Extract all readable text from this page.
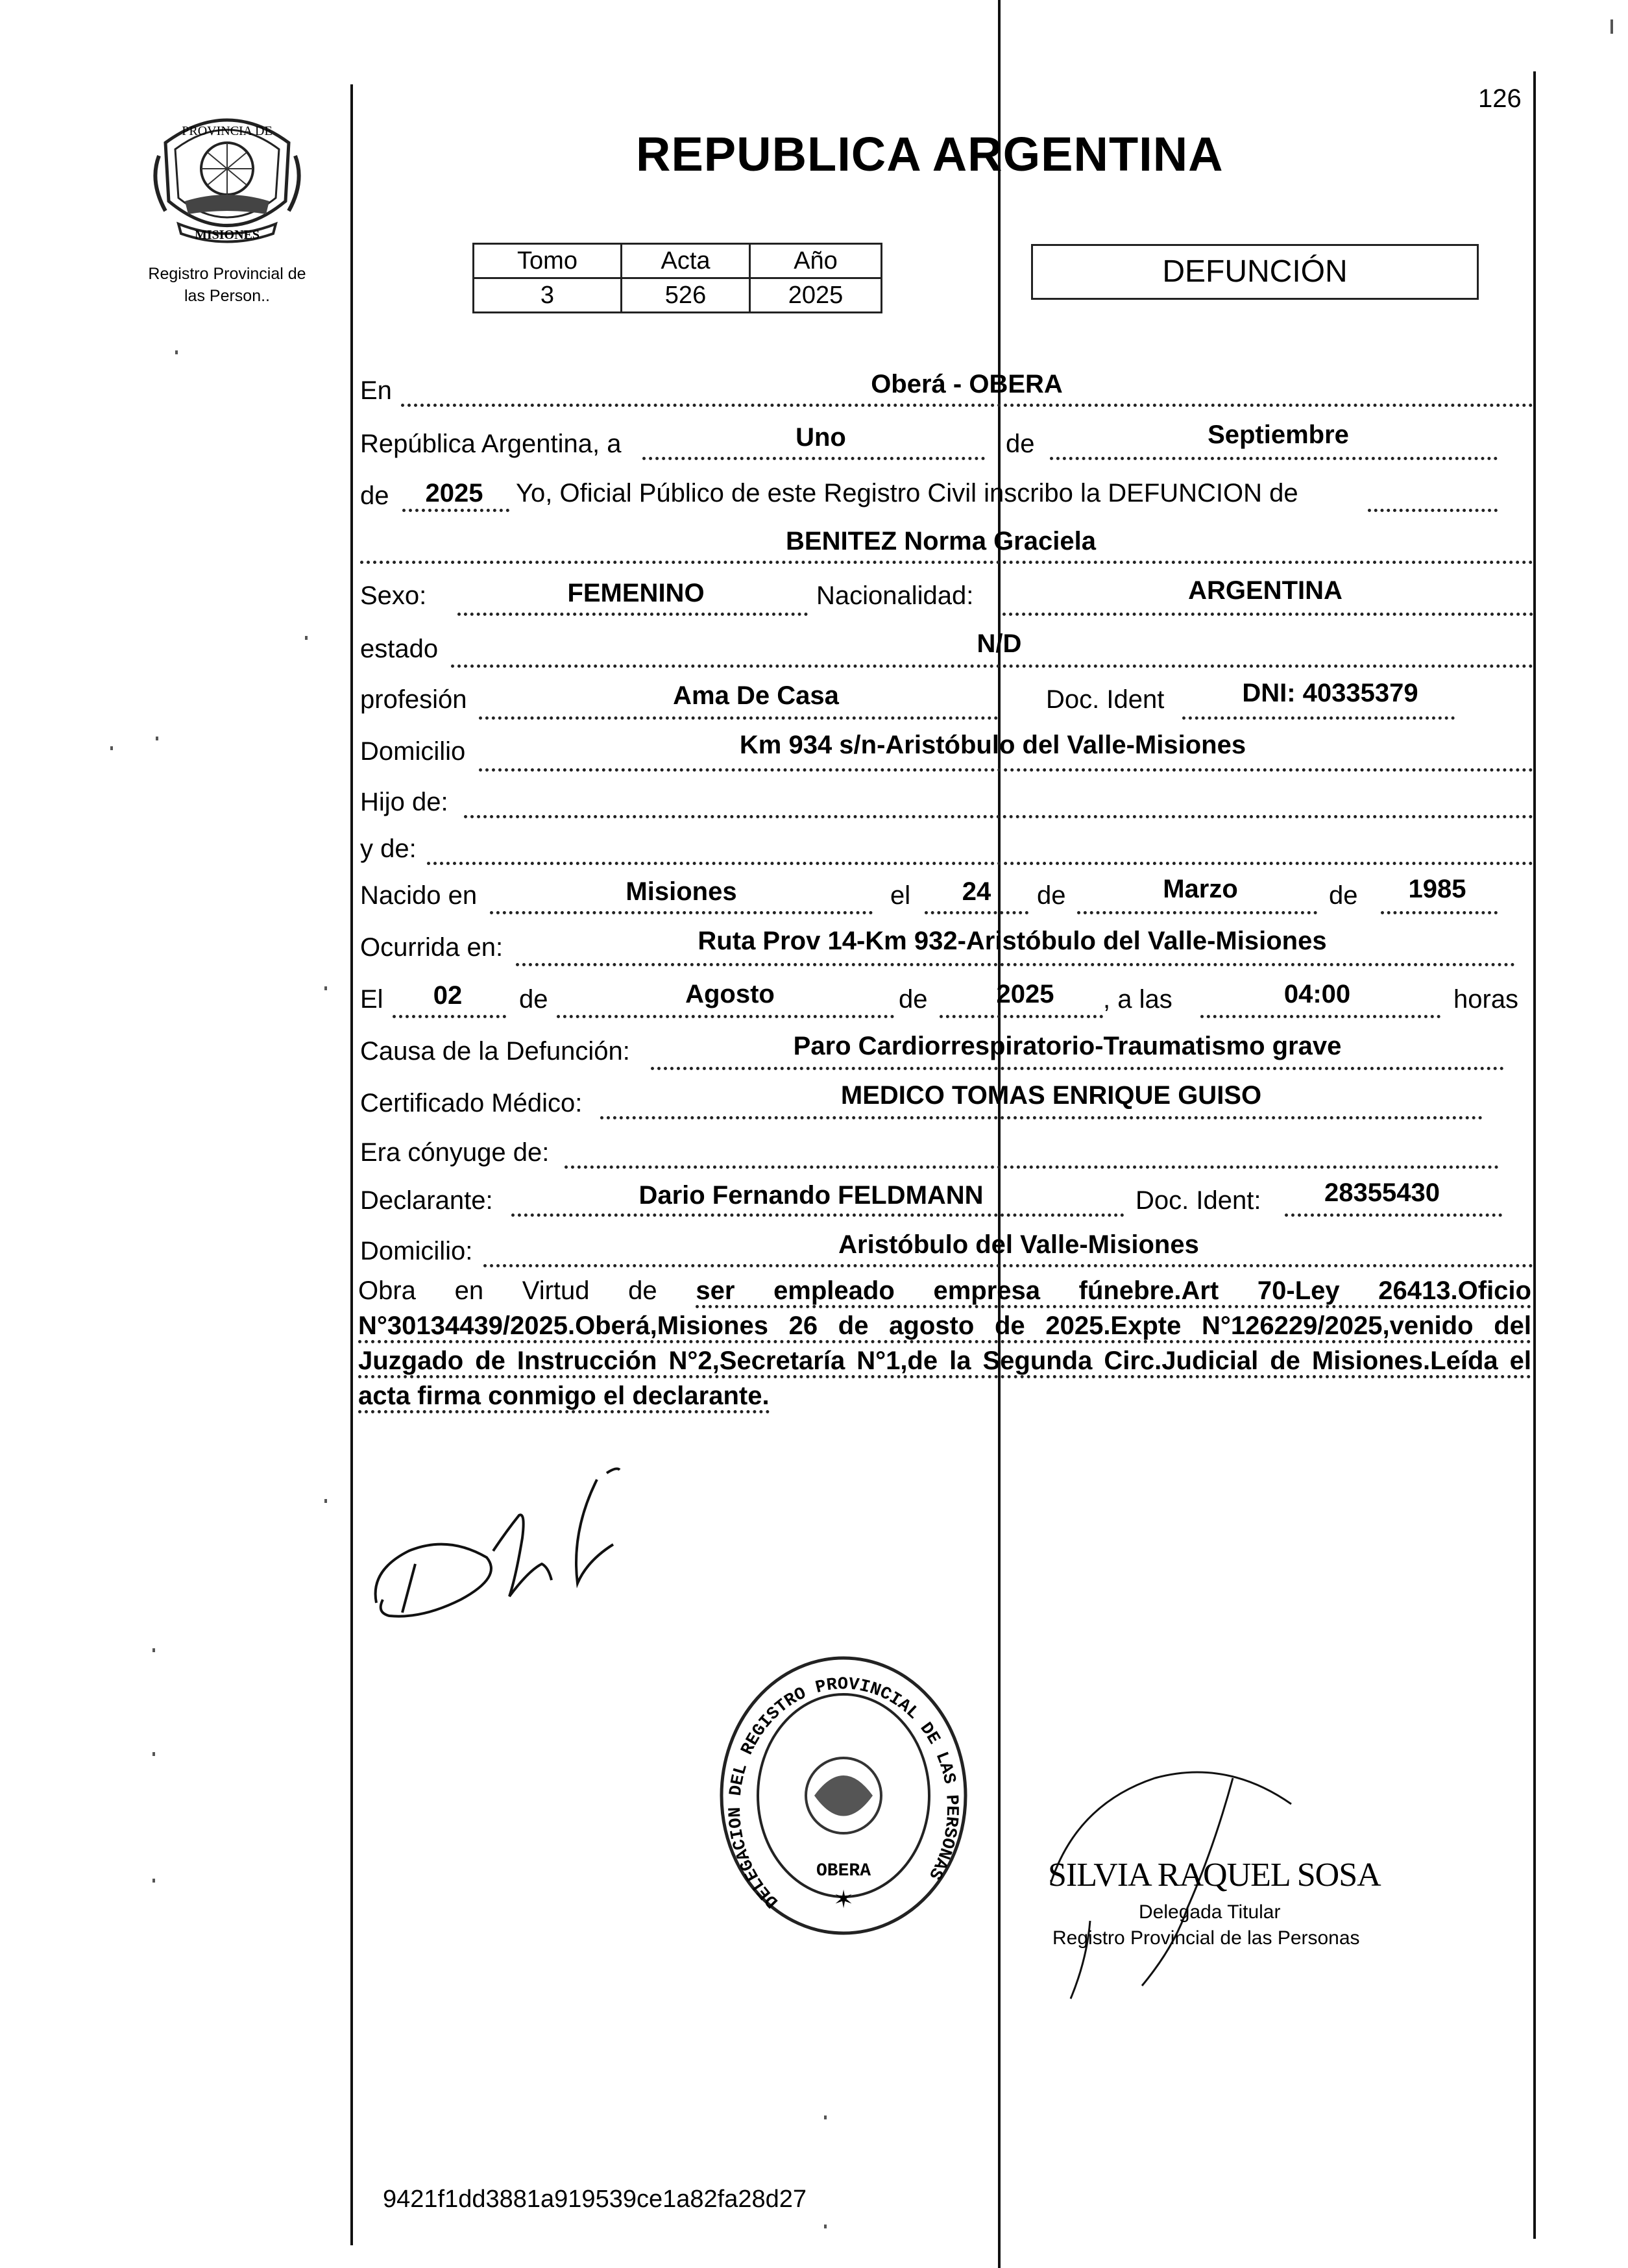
126
PROVINCIA DE
MISIONES
Registro Provincial de
las Person..
REPUBLICA ARGENTINA
Tomo	Acta	Año
3	526	2025
DEFUNCIÓN
En	Oberá - OBERA
República Argentina, a	Uno	de	Septiembre
de	2025	Yo, Oficial Público de este Registro Civil inscribo la DEFUNCION de
BENITEZ Norma Graciela
Sexo:	FEMENINO	Nacionalidad:	ARGENTINA
estado	N/D
profesión	Ama De Casa	Doc. Ident	DNI: 40335379
Domicilio	Km 934 s/n-Aristóbulo del Valle-Misiones
Hijo de:
y de:
Nacido en	Misiones	el	24	de	Marzo	de	1985
Ocurrida en:	Ruta Prov 14-Km 932-Aristóbulo del Valle-Misiones
El	02	de	Agosto	de	2025	, a las	04:00	horas
Causa de la Defunción:	Paro Cardiorrespiratorio-Traumatismo grave
Certificado Médico:	MEDICO TOMAS ENRIQUE GUISO
Era cónyuge de:
Declarante:	Dario Fernando FELDMANN	Doc. Ident:	28355430
Domicilio:	Aristóbulo del Valle-Misiones
Obra en Virtud de ser empleado empresa fúnebre.Art 70-Ley 26413.Oficio N°30134439/2025.Oberá,Misiones 26 de agosto de 2025.Expte N°126229/2025,venido del Juzgado de Instrucción N°2,Secretaría N°1,de la Segunda Circ.Judicial de Misiones.Leída el acta firma conmigo el declarante.
DELEGACION DEL REGISTRO PROVINCIAL DE LAS PERSONAS
OBERA
✶
SILVIA RAQUEL SOSA
Delegada Titular
Registro Provincial de las Personas
9421f1dd3881a919539ce1a82fa28d27
